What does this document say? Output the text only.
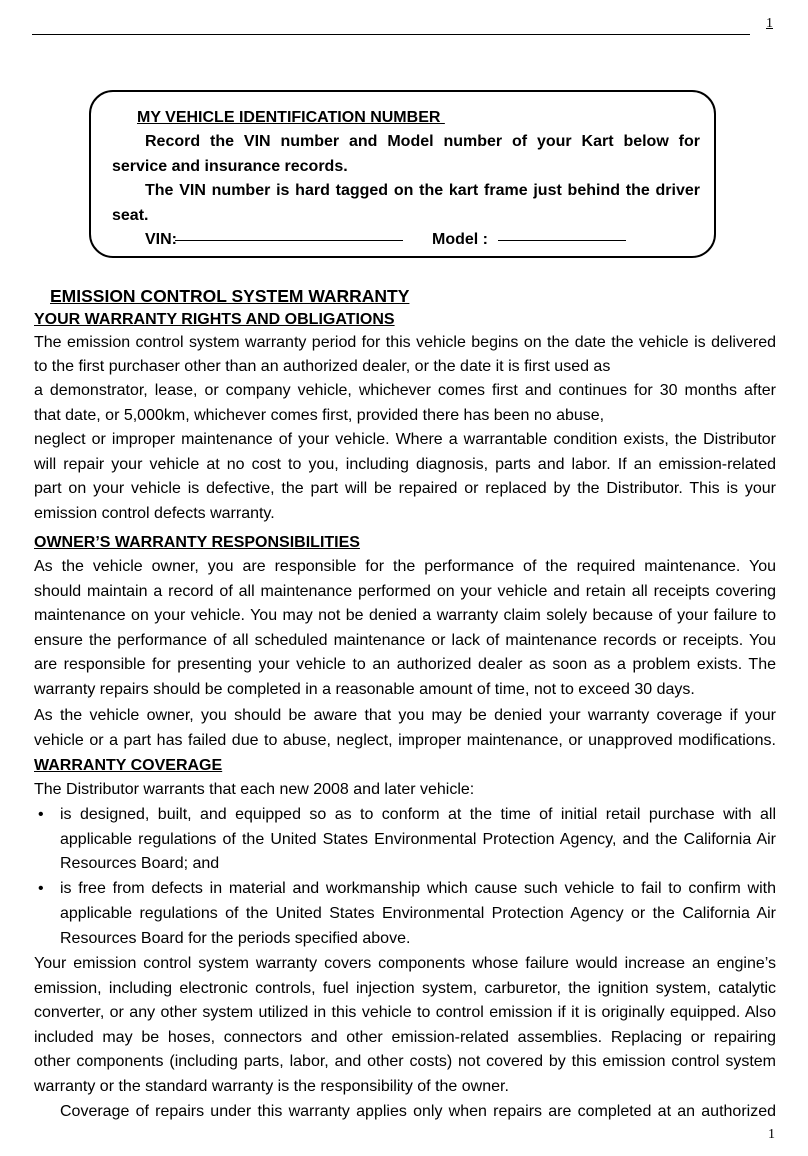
1
MY VEHICLE IDENTIFICATION NUMBER
Record the VIN number and Model number of your Kart below for
service and insurance records.
The VIN number is hard tagged on the kart frame just behind the driver
seat.
VIN:	Model :
EMISSION CONTROL SYSTEM WARRANTY
YOUR WARRANTY RIGHTS AND OBLIGATIONS
The emission control system warranty period for this vehicle begins on the date the vehicle is delivered
to the first purchaser other than an authorized dealer, or the date it is first used as
a demonstrator, lease, or company vehicle, whichever comes first and continues for 30 months after
that date, or 5,000km, whichever comes first, provided there has been no abuse,
neglect or improper maintenance of your vehicle. Where a warrantable condition exists, the Distributor
will repair your vehicle at no cost to you, including diagnosis, parts and labor. If an emission-related
part on your vehicle is defective, the part will be repaired or replaced by the Distributor. This is your
emission control defects warranty.
OWNER’S WARRANTY RESPONSIBILITIES
As the vehicle owner, you are responsible for the performance of the required maintenance. You
should maintain a record of all maintenance performed on your vehicle and retain all receipts covering
maintenance on your vehicle. You may not be denied a warranty claim solely because of your failure to
ensure the performance of all scheduled maintenance or lack of maintenance records or receipts. You
are responsible for presenting your vehicle to an authorized dealer as soon as a problem exists. The
warranty repairs should be completed in a reasonable amount of time, not to exceed 30 days.
As the vehicle owner, you should be aware that you may be denied your warranty coverage if your
vehicle or a part has failed due to abuse, neglect, improper maintenance, or unapproved modifications.
WARRANTY COVERAGE
The Distributor warrants that each new 2008 and later vehicle:
• is designed, built, and equipped so as to conform at the time of initial retail purchase with all
applicable regulations of the United States Environmental Protection Agency, and the California Air
Resources Board; and
• is free from defects in material and workmanship which cause such vehicle to fail to confirm with
applicable regulations of the United States Environmental Protection Agency or the California Air
Resources Board for the periods specified above.
Your emission control system warranty covers components whose failure would increase an engine’s
emission, including electronic controls, fuel injection system, carburetor, the ignition system, catalytic
converter, or any other system utilized in this vehicle to control emission if it is originally equipped. Also
included may be hoses, connectors and other emission-related assemblies. Replacing or repairing
other components (including parts, labor, and other costs) not covered by this emission control system
warranty or the standard warranty is the responsibility of the owner.
Coverage of repairs under this warranty applies only when repairs are completed at an authorized
1
